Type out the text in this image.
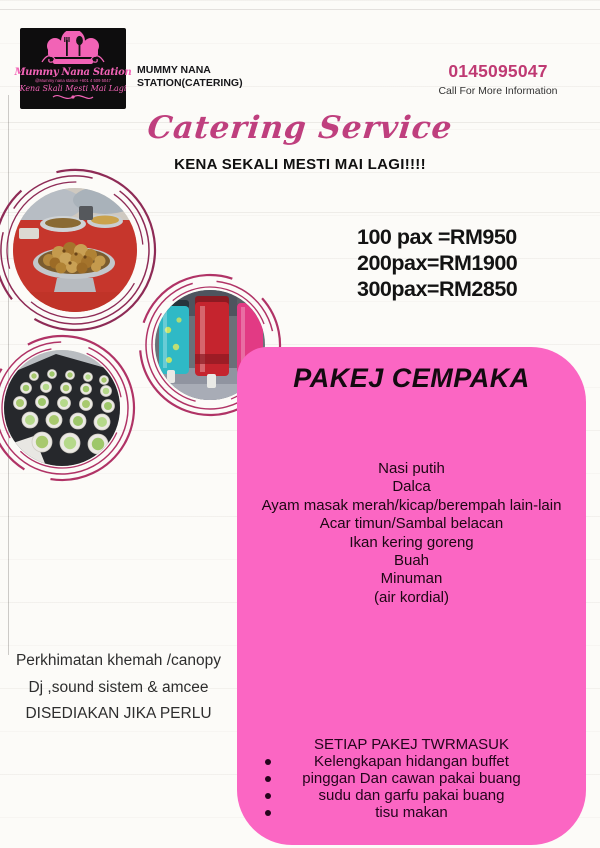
Mummy Nana Station
@Mummy nana station +601 4 509 5047
Kena Skali Mesti Mai Lagi
MUMMY NANA
STATION(CATERING)
0145095047
Call For More Information
Catering Service
KENA SEKALI MESTI MAI LAGI!!!!
100 pax =RM950
200pax=RM1900
300pax=RM2850
PAKEJ CEMPAKA
Nasi putih
Dalca
Ayam masak merah/kicap/berempah lain-lain
Acar timun/Sambal belacan
Ikan kering goreng
Buah
Minuman
(air kordial)
SETIAP PAKEJ TWRMASUK
Kelengkapan hidangan buffet
pinggan Dan cawan pakai buang
sudu dan garfu pakai buang
tisu makan
Perkhimatan khemah /canopy
Dj ,sound sistem & amcee
DISEDIAKAN JIKA PERLU
